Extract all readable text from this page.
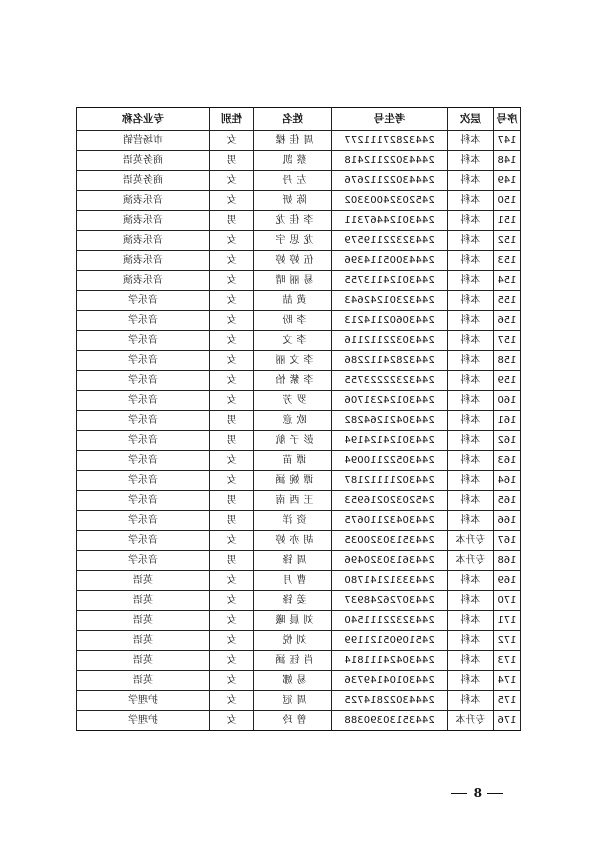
序号	层次	考生号	姓名	性别	专业名称
147	本科	24432827111277	周佳樑	女	市场营销
148	本科	24443022112418	蔡凯	男	商务英语
149	本科	24443022112676	左丹	女	商务英语
150	本科	24520324003302	陈妍	女	音乐表演
151	本科	24430124467311	李佳龙	男	音乐表演
152	本科	24432322119579	龙思宇	女	音乐表演
153	本科	24443005114396	伍婷婷	女	音乐表演
154	本科	24430124113755	易丽晴	女	音乐表演
155	本科	24432301242643	黄喆	女	音乐学
156	本科	24430602114213	李盼	女	音乐学
157	本科	24430322112116	李文	女	音乐学
158	本科	24432824112286	李文丽	女	音乐学
159	本科	24432322223755	李紫怡	女	音乐学
160	本科	24430124231706	罗芳	女	音乐学
161	本科	24430421264282	欧意	男	音乐学
162	本科	24430124124194	彭子航	男	音乐学
163	本科	24430522110094	谭苗	女	音乐学
164	本科	24430211112187	谭婉涵	女	音乐学
165	本科	24520320216953	王西南	男	音乐学
166	本科	24430432110675	资洋	男	音乐学
167	专升本	24435130320035	胡亦婷	女	音乐学
168	专升本	24436130320496	周锋	男	音乐学
169	本科	24433312141780	曹月	女	英语
170	本科	24430726248937	姜锋	女	英语
171	本科	24432322111540	刘晨曦	女	英语
172	本科	24510905121199	刘悦	女	英语
173	本科	24430424111814	肖钰涵	女	英语
174	本科	24430104149736	易娜	女	英语
175	本科	24443022814725	周冠	女	护理学
176	专升本	24435130390388	曾玲	女	护理学
8
